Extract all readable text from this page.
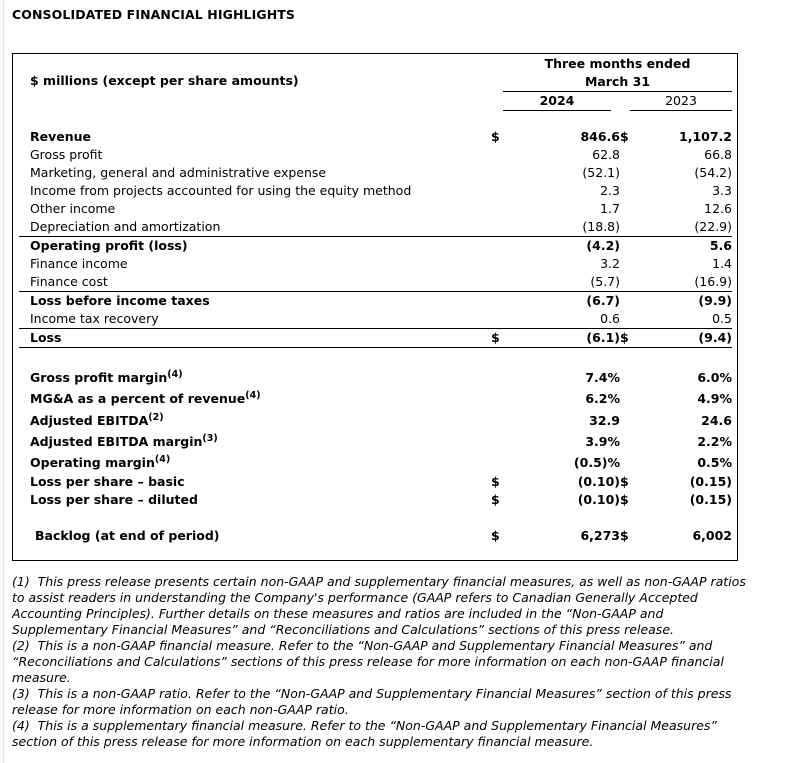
CONSOLIDATED FINANCIAL HIGHLIGHTS
$ millions (except per share amounts)
Three months ended
March 31
2024	2023
Revenue	$	846.6 $	1,107.2
Gross profit	62.8	66.8
Marketing, general and administrative expense	(52.1)	(54.2)
Income from projects accounted for using the equity method	2.3	3.3
Other income	1.7	12.6
Depreciation and amortization	(18.8)	(22.9)
Operating profit (loss)	(4.2)	5.6
Finance income	3.2	1.4
Finance cost	(5.7)	(16.9)
Loss before income taxes	(6.7)	(9.9)
Income tax recovery	0.6	0.5
Loss	$	(6.1) $	(9.4)
Gross profit margin$^{(4)}$	7.4%	6.0%
MG&A as a percent of revenue$^{(4)}$	6.2%	4.9%
Adjusted EBITDA$^{(2)}$	32.9	24.6
Adjusted EBITDA margin$^{(3)}$	3.9%	2.2%
Operating margin$^{(4)}$	(0.5)%	0.5%
Loss per share – basic	$	(0.10) $	(0.15)
Loss per share – diluted	$	(0.10) $	(0.15)
Backlog (at end of period)	$	6,273 $	6,002

(1)  This press release presents certain non-GAAP and supplementary financial measures, as well as non-GAAP ratios to assist readers in understanding the Company's performance (GAAP refers to Canadian Generally Accepted Accounting Principles). Further details on these measures and ratios are included in the “Non-GAAP and Supplementary Financial Measures” and “Reconciliations and Calculations” sections of this press release.

(2)  This is a non-GAAP financial measure. Refer to the “Non-GAAP and Supplementary Financial Measures” and “Reconciliations and Calculations” sections of this press release for more information on each non-GAAP financial measure.

(3)  This is a non-GAAP ratio. Refer to the “Non-GAAP and Supplementary Financial Measures” section of this press release for more information on each non-GAAP ratio.

(4)  This is a supplementary financial measure. Refer to the “Non-GAAP and Supplementary Financial Measures” section of this press release for more information on each supplementary financial measure.
